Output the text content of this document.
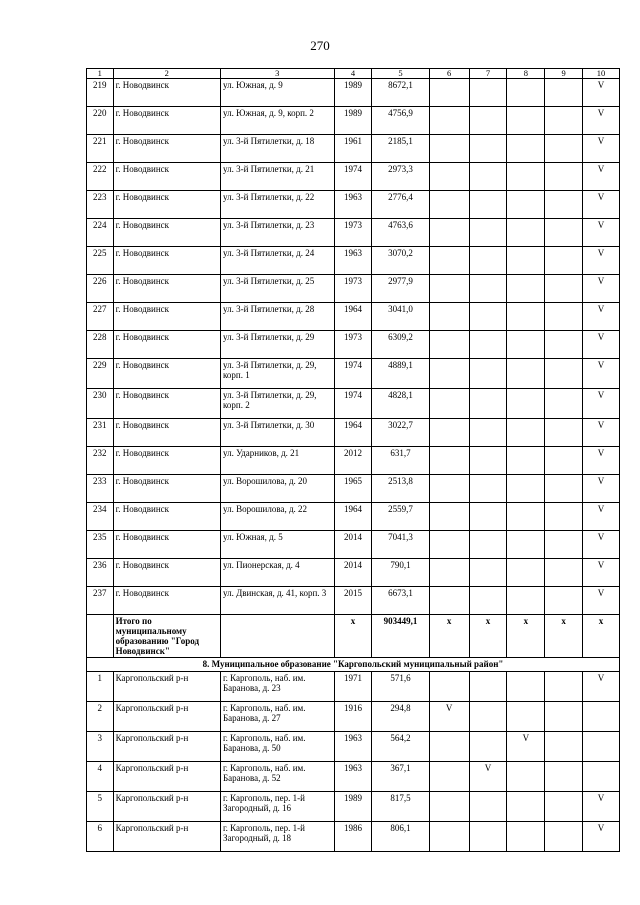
270
1	2	3	4	5	6	7	8	9	10
219	г. Новодвинск	ул. Южная, д. 9	1989	8672,1					V
220	г. Новодвинск	ул. Южная, д. 9, корп. 2	1989	4756,9					V
221	г. Новодвинск	ул. 3-й Пятилетки, д. 18	1961	2185,1					V
222	г. Новодвинск	ул. 3-й Пятилетки, д. 21	1974	2973,3					V
223	г. Новодвинск	ул. 3-й Пятилетки, д. 22	1963	2776,4					V
224	г. Новодвинск	ул. 3-й Пятилетки, д. 23	1973	4763,6					V
225	г. Новодвинск	ул. 3-й Пятилетки, д. 24	1963	3070,2					V
226	г. Новодвинск	ул. 3-й Пятилетки, д. 25	1973	2977,9					V
227	г. Новодвинск	ул. 3-й Пятилетки, д. 28	1964	3041,0					V
228	г. Новодвинск	ул. 3-й Пятилетки, д. 29	1973	6309,2					V
229	г. Новодвинск	ул. 3-й Пятилетки, д. 29, корп. 1	1974	4889,1					V
230	г. Новодвинск	ул. 3-й Пятилетки, д. 29, корп. 2	1974	4828,1					V
231	г. Новодвинск	ул. 3-й Пятилетки, д. 30	1964	3022,7					V
232	г. Новодвинск	ул. Ударников, д. 21	2012	631,7					V
233	г. Новодвинск	ул. Ворошилова, д. 20	1965	2513,8					V
234	г. Новодвинск	ул. Ворошилова, д. 22	1964	2559,7					V
235	г. Новодвинск	ул. Южная, д. 5	2014	7041,3					V
236	г. Новодвинск	ул. Пионерская, д. 4	2014	790,1					V
237	г. Новодвинск	ул. Двинская, д. 41, корп. 3	2015	6673,1					V
	Итого по муниципальному образованию "Город Новодвинск"		x	903449,1	x	x	x	x	x
8. Муниципальное образование "Каргопольский муниципальный район"									
1	Каргопольский р-н	г. Каргополь, наб. им. Баранова, д. 23	1971	571,6					V
2	Каргопольский р-н	г. Каргополь, наб. им. Баранова, д. 27	1916	294,8	V				
3	Каргопольский р-н	г. Каргополь, наб. им. Баранова, д. 50	1963	564,2			V		
4	Каргопольский р-н	г. Каргополь, наб. им. Баранова, д. 52	1963	367,1		V			
5	Каргопольский р-н	г. Каргополь, пер. 1-й Загородный, д. 16	1989	817,5					V
6	Каргопольский р-н	г. Каргополь, пер. 1-й Загородный, д. 18	1986	806,1					V
